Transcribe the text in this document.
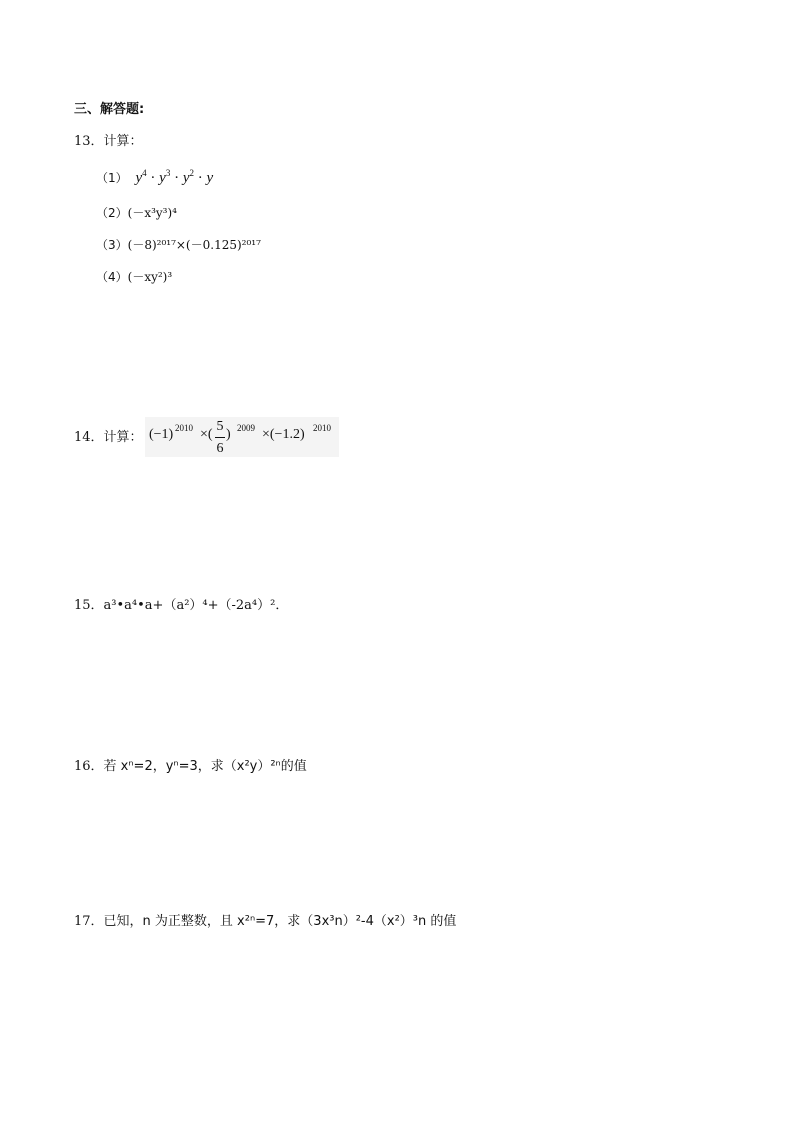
三、解答题:
13．计算：
（1） $y^4 \cdot y^3 \cdot y^2 \cdot y$
（2）(－x³y³)⁴
（3）(－8)²⁰¹⁷×(－0.125)²⁰¹⁷
（4）(－xy²)³
14．计算： (−1) 2010 ×(
5
6
) 2009 ×(−1.2) 2010
15．a³•a⁴•a+（a²）⁴+（-2a⁴）²．
16．若 xⁿ=2，yⁿ=3，求（x²y）²ⁿ的值
17．已知，n 为正整数，且 x²ⁿ=7，求（3x³n）²-4（x²）³n 的值
